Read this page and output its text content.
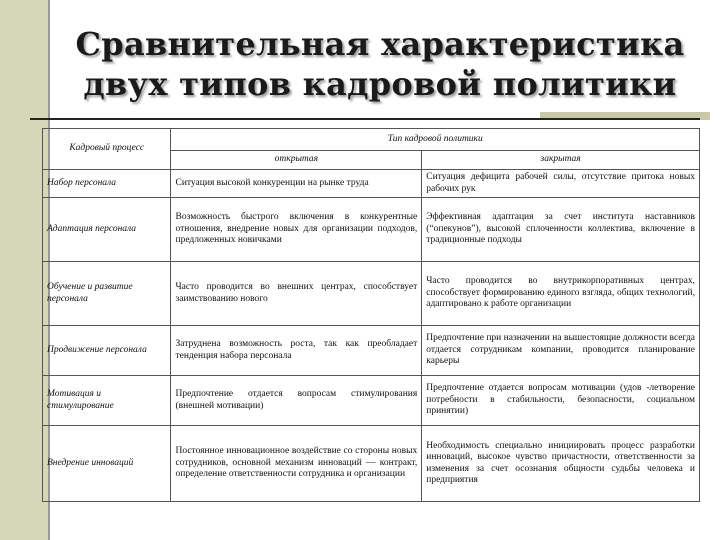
Сравнительная характеристика
двух типов кадровой политики
Кадровый процесс	Тип кадровой политики	
	открытая	закрытая
Набор персонала	Ситуация высокой конкуренции на рынке труда	Ситуация дефицита рабочей силы, отсутствие притока новых рабочих рук
Адаптация персонала	Возможность быстрого включения в конкурентные отношения, внедрение новых для организации подходов, предложенных новичками	Эффективная адаптация за счет института наставников (“опекунов”), высокой сплоченности коллектива, включение в традиционные подходы
Обучение и развитие персонала	Часто проводится во внешних центрах, способствует заимствованию нового	Часто проводится во внутрикорпоративных центрах, способствует формированию единого взгляда, общих технологий, адаптировано к работе организации
Продвижение персонала	Затруднена возможность роста, так как преобладает тенденция набора персонала	Предпочтение при назначении на вышестоящие должности всегда отдается сотрудникам компании, проводится планирование карьеры
Мотивация и стимулирование	Предпочтение отдается вопросам стимулирования (внешней мотивации)	Предпочтение отдается вопросам мотивации (удов -летворение потребности в стабильности, безопасности, социальном принятии)
Внедрение инноваций	Постоянное инновационное воздействие со стороны новых сотрудников, основной механизм инноваций — контракт, определение ответственности сотрудника и организации	Необходимость специально инициировать процесс разработки инноваций, высокое чувство причастности, ответственности за изменения за счет осознания общности судьбы человека и предприятия
